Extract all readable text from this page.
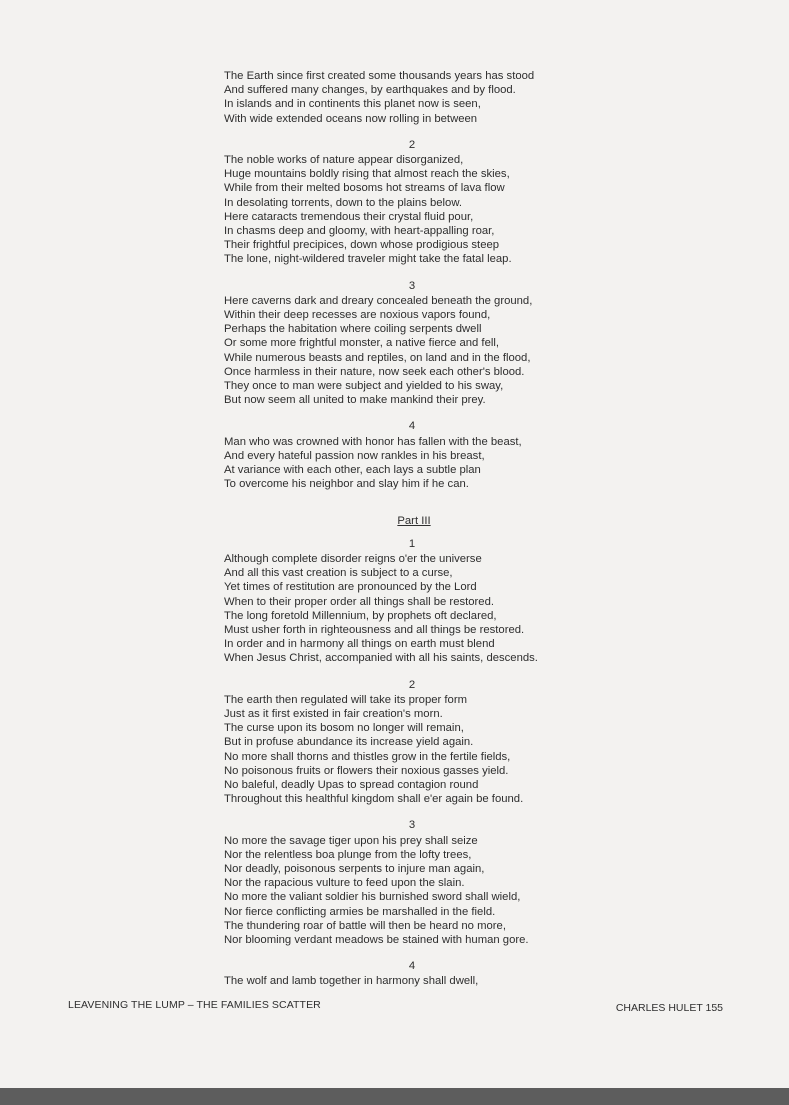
The Earth since first created some thousands years has stood
And suffered many changes, by earthquakes and by flood.
In islands and in continents this planet now is seen,
With wide extended oceans now rolling in between
2
The noble works of nature appear disorganized,
Huge mountains boldly rising that almost reach the skies,
While from their melted bosoms hot streams of lava flow
In desolating torrents, down to the plains below.
Here cataracts tremendous their crystal fluid pour,
In chasms deep and gloomy, with heart-appalling roar,
Their frightful precipices, down whose prodigious steep
The lone, night-wildered traveler might take the fatal leap.
3
Here caverns dark and dreary concealed beneath the ground,
Within their deep recesses are noxious vapors found,
Perhaps the habitation where coiling serpents dwell
Or some more frightful monster, a native fierce and fell,
While numerous beasts and reptiles, on land and in the flood,
Once harmless in their nature, now seek each other's blood.
They once to man were subject and yielded to his sway,
But now seem all united to make mankind their prey.
4
Man who was crowned with honor has fallen with the beast,
And every hateful passion now rankles in his breast,
At variance with each other, each lays a subtle plan
To overcome his neighbor and slay him if he can.
Part III
1
Although complete disorder reigns o'er the universe
And all this vast creation is subject to a curse,
Yet times of restitution are pronounced by the Lord
When to their proper order all things shall be restored.
The long foretold Millennium, by prophets oft declared,
Must usher forth in righteousness and all things be restored.
In order and in harmony all things on earth must blend
When Jesus Christ, accompanied with all his saints, descends.
2
The earth then regulated will take its proper form
Just as it first existed in fair creation's morn.
The curse upon its bosom no longer will remain,
But in profuse abundance its increase yield again.
No more shall thorns and thistles grow in the fertile fields,
No poisonous fruits or flowers their noxious gasses yield.
No baleful, deadly Upas to spread contagion round
Throughout this healthful kingdom shall e'er again be found.
3
No more the savage tiger upon his prey shall seize
Nor the relentless boa plunge from the lofty trees,
Nor deadly, poisonous serpents to injure man again,
Nor the rapacious vulture to feed upon the slain.
No more the valiant soldier his burnished sword shall wield,
Nor fierce conflicting armies be marshalled in the field.
The thundering roar of battle will then be heard no more,
Nor blooming verdant meadows be stained with human gore.
4
The wolf and lamb together in harmony shall dwell,
LEAVENING THE LUMP – THE FAMILIES SCATTER	CHARLES HULET 155
